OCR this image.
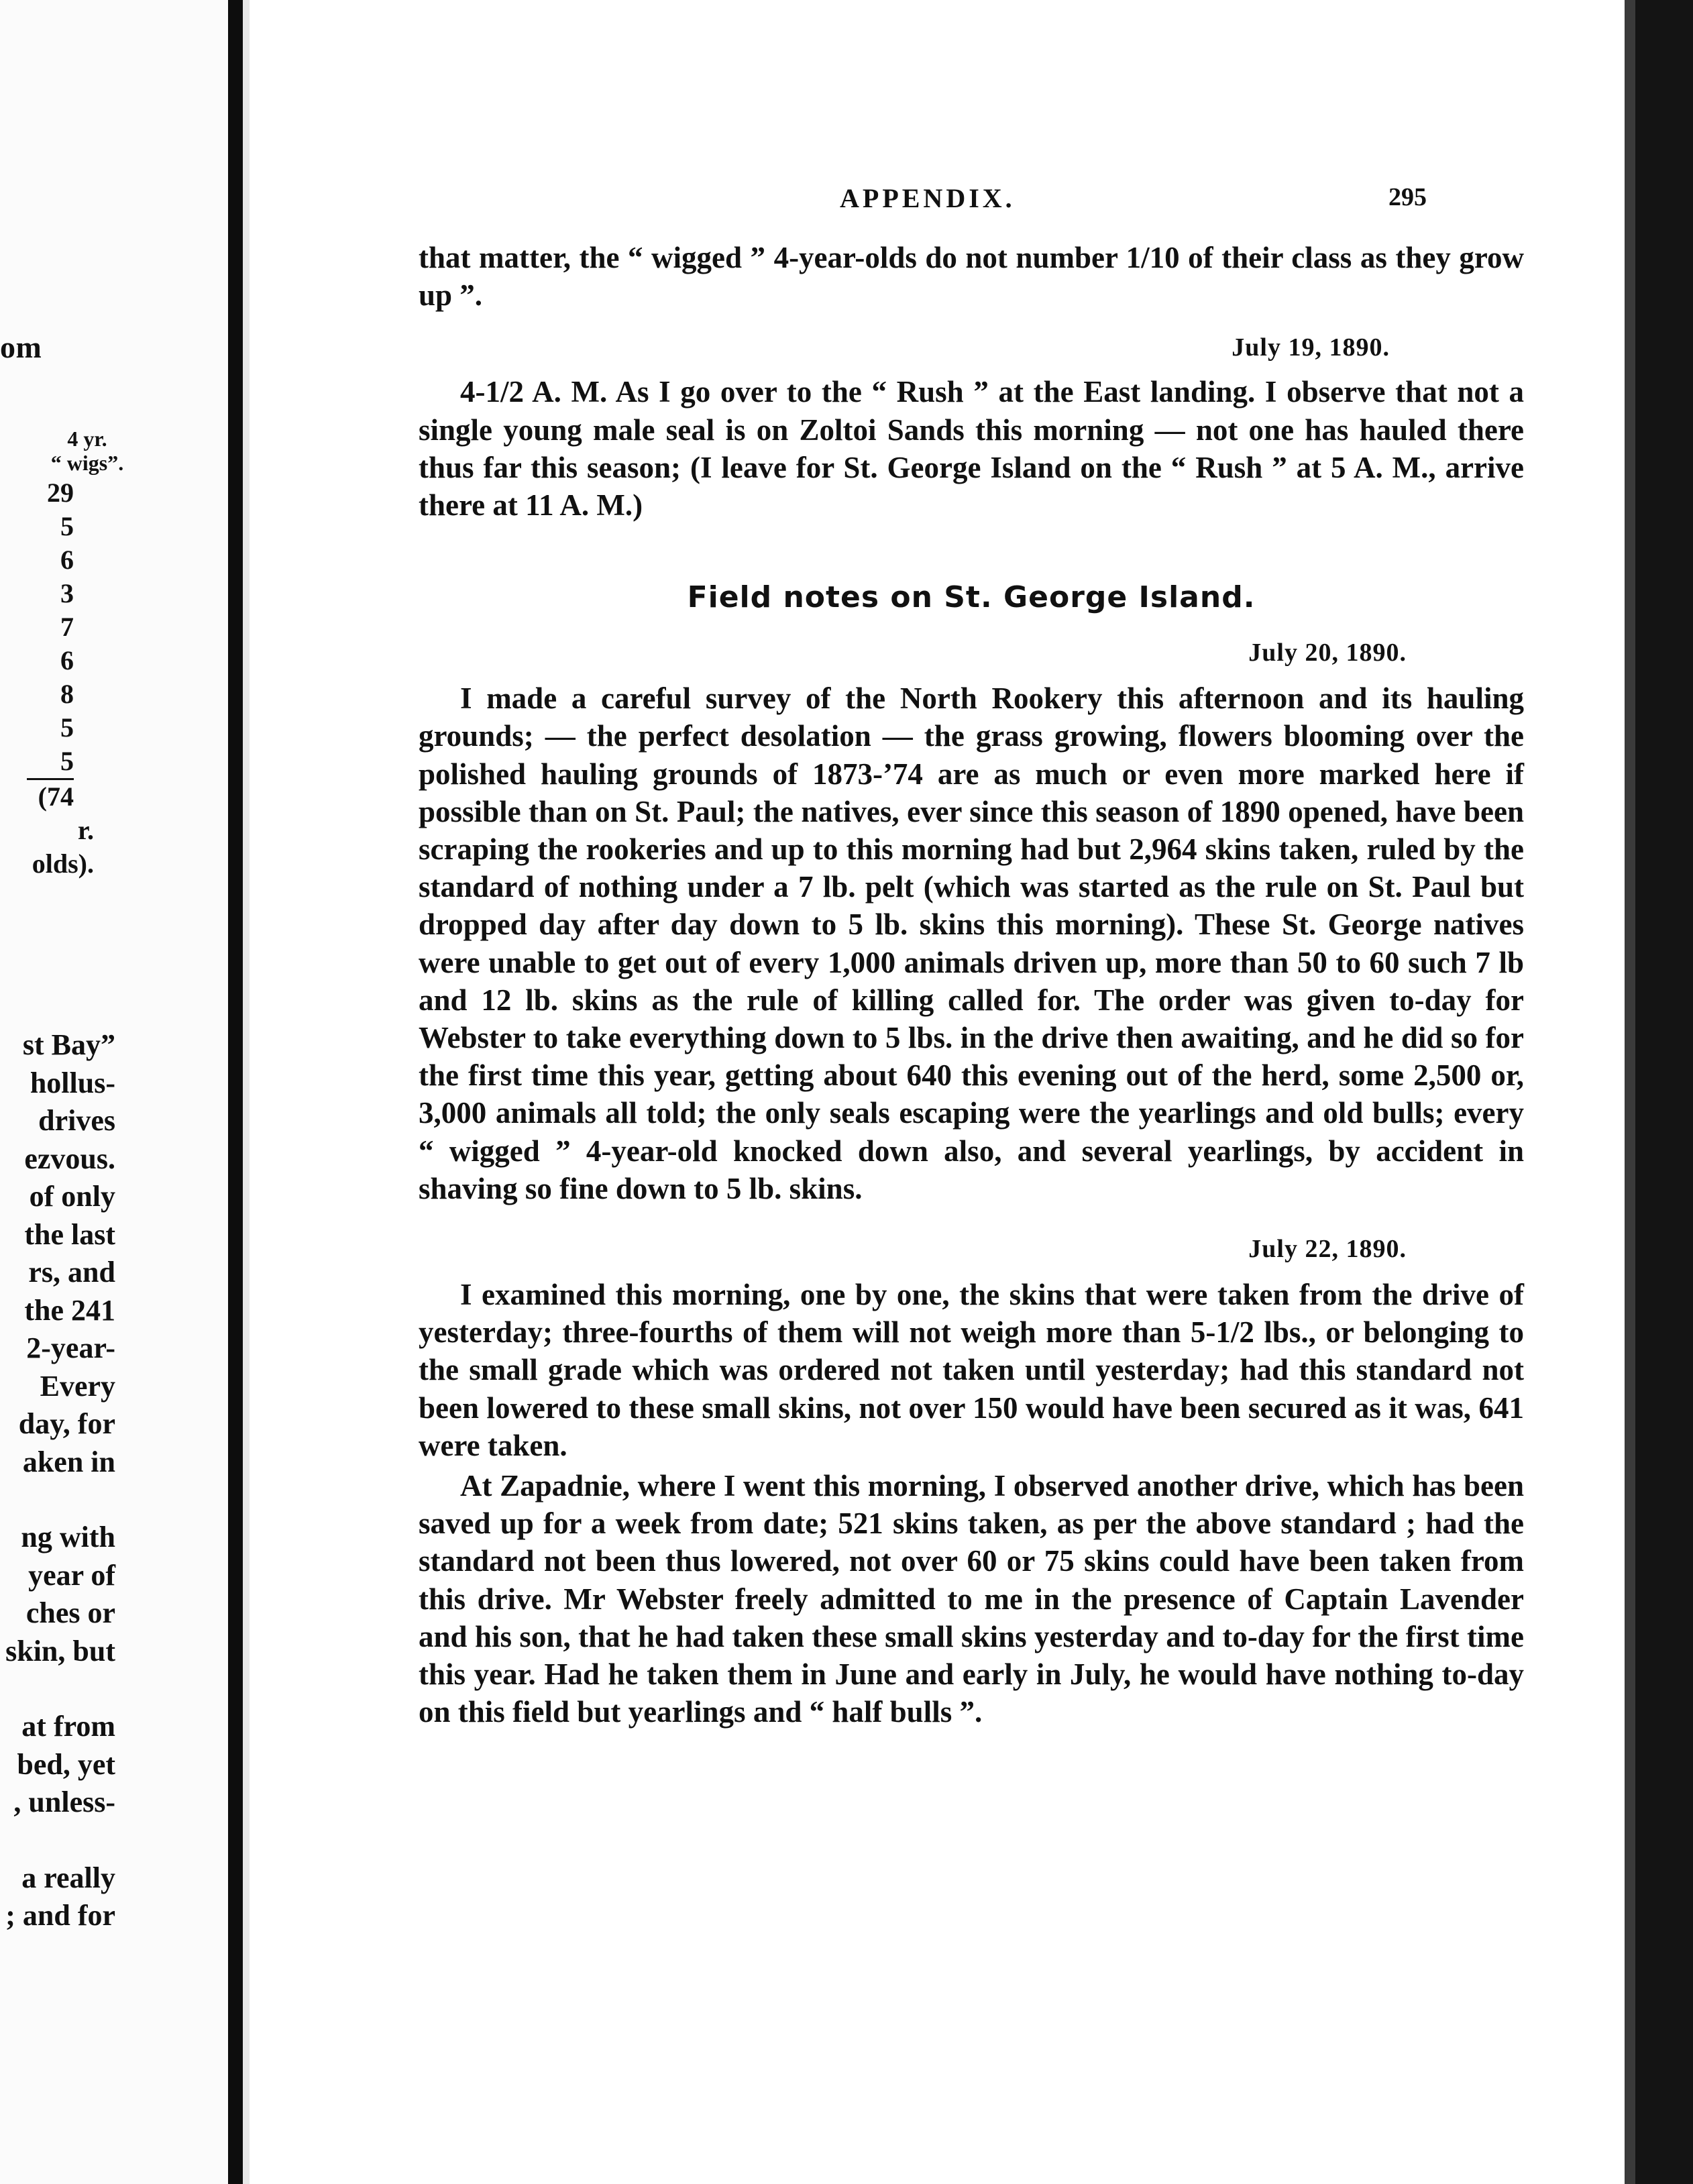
om
4 yr.
“ wigs”.
29
5
6
3
7
6
8
5
5
(74
r. olds).
st Bay”
hollus-
drives
ezvous.
of only
the last
rs, and
the 241
2-year-
Every
day, for
aken in
ng with
year of
ches or
skin, but
at from
bed, yet
, unless-
a really
; and for
APPENDIX.	295

that matter, the “ wigged ” 4-year-olds do not number 1/10 of their class as they grow up ”.

July 19, 1890.

4-1/2 A. M. As I go over to the “ Rush ” at the East landing. I observe that not a single young male seal is on Zoltoi Sands this morning — not one has hauled there thus far this season; (I leave for St. George Island on the “ Rush ” at 5 A. M., arrive there at 11 A. M.)

Field notes on St. George Island.

July 20, 1890.

I made a careful survey of the North Rookery this afternoon and its hauling grounds; — the perfect desolation — the grass growing, flowers blooming over the polished hauling grounds of 1873-’74 are as much or even more marked here if possible than on St. Paul; the natives, ever since this season of 1890 opened, have been scraping the rookeries and up to this morning had but 2,964 skins taken, ruled by the standard of nothing under a 7 lb. pelt (which was started as the rule on St. Paul but dropped day after day down to 5 lb. skins this morning). These St. George natives were unable to get out of every 1,000 animals driven up, more than 50 to 60 such 7 lb and 12 lb. skins as the rule of killing called for. The order was given to-day for Webster to take everything down to 5 lbs. in the drive then awaiting, and he did so for the first time this year, getting about 640 this evening out of the herd, some 2,500 or, 3,000 animals all told; the only seals escaping were the yearlings and old bulls; every “ wigged ” 4-year-old knocked down also, and several yearlings, by accident in shaving so fine down to 5 lb. skins.

July 22, 1890.

I examined this morning, one by one, the skins that were taken from the drive of yesterday; three-fourths of them will not weigh more than 5-1/2 lbs., or belonging to the small grade which was ordered not taken until yesterday; had this standard not been lowered to these small skins, not over 150 would have been secured as it was, 641 were taken.

At Zapadnie, where I went this morning, I observed another drive, which has been saved up for a week from date; 521 skins taken, as per the above standard ; had the standard not been thus lowered, not over 60 or 75 skins could have been taken from this drive. Mr Webster freely admitted to me in the presence of Captain Lavender and his son, that he had taken these small skins yesterday and to-day for the first time this year. Had he taken them in June and early in July, he would have nothing to-day on this field but yearlings and “ half bulls ”.
